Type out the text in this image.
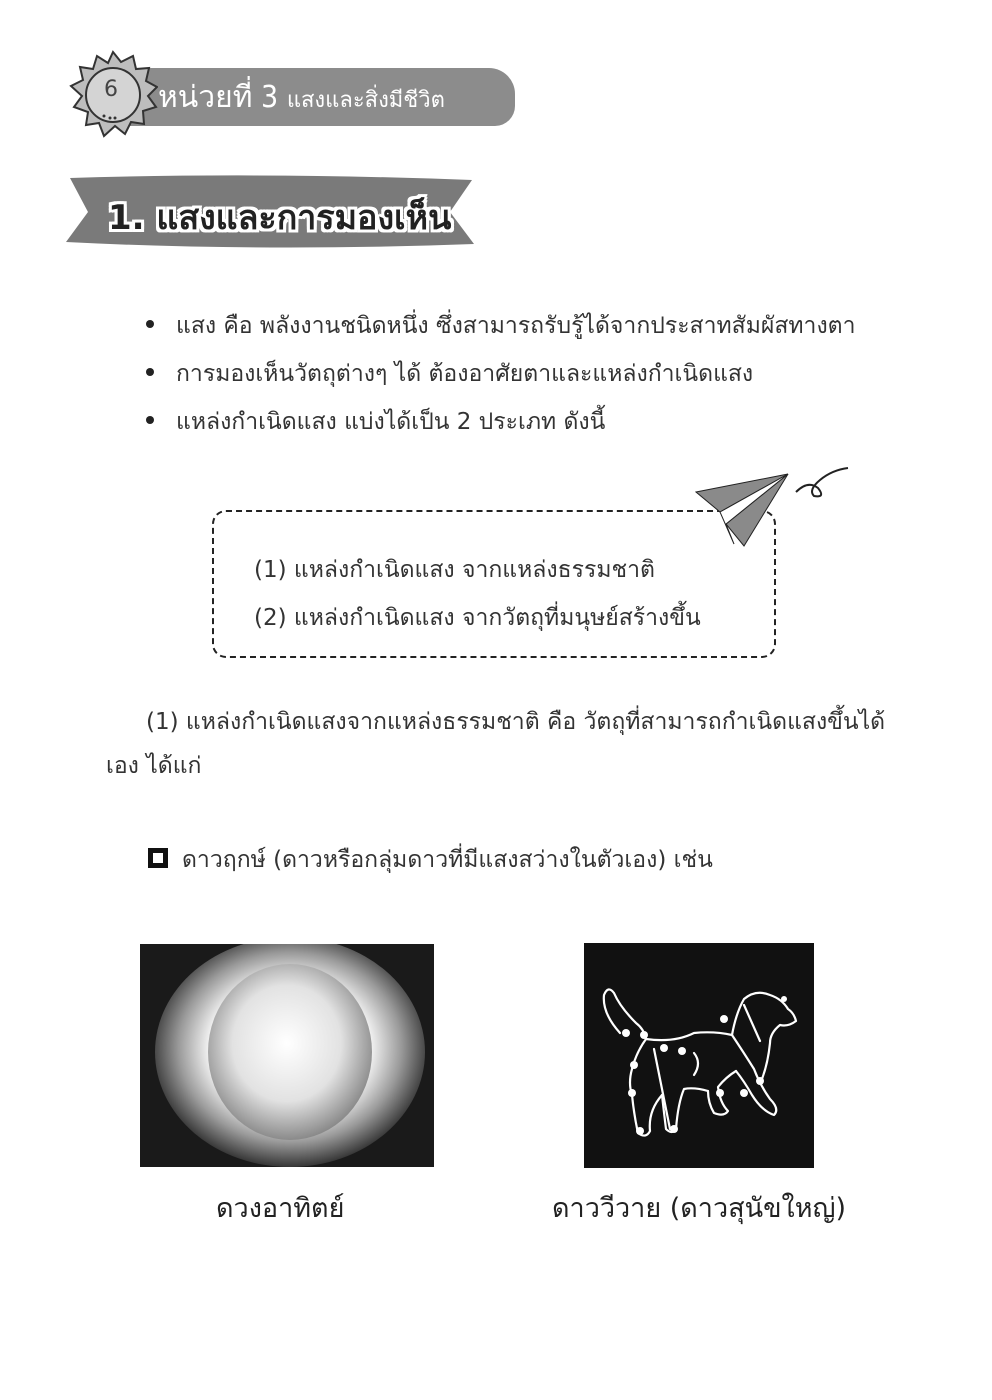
6 หน่วยที่ 3 แสงและสิ่งมีชีวิต
1. แสงและการมองเห็น
แสง คือ พลังงานชนิดหนึ่ง ซึ่งสามารถรับรู้ได้จากประสาทสัมผัสทางตา
การมองเห็นวัตถุต่างๆ ได้ ต้องอาศัยตาและแหล่งกำเนิดแสง
แหล่งกำเนิดแสง แบ่งได้เป็น 2 ประเภท ดังนี้
(1) แหล่งกำเนิดแสง จากแหล่งธรรมชาติ
(2) แหล่งกำเนิดแสง จากวัตถุที่มนุษย์สร้างขึ้น
(1) แหล่งกำเนิดแสงจากแหล่งธรรมชาติ คือ วัตถุที่สามารถกำเนิดแสงขึ้นได้เอง ได้แก่
ดาวฤกษ์ (ดาวหรือกลุ่มดาวที่มีแสงสว่างในตัวเอง) เช่น
ดวงอาทิตย์	ดาววีวาย (ดาวสุนัขใหญ่)
